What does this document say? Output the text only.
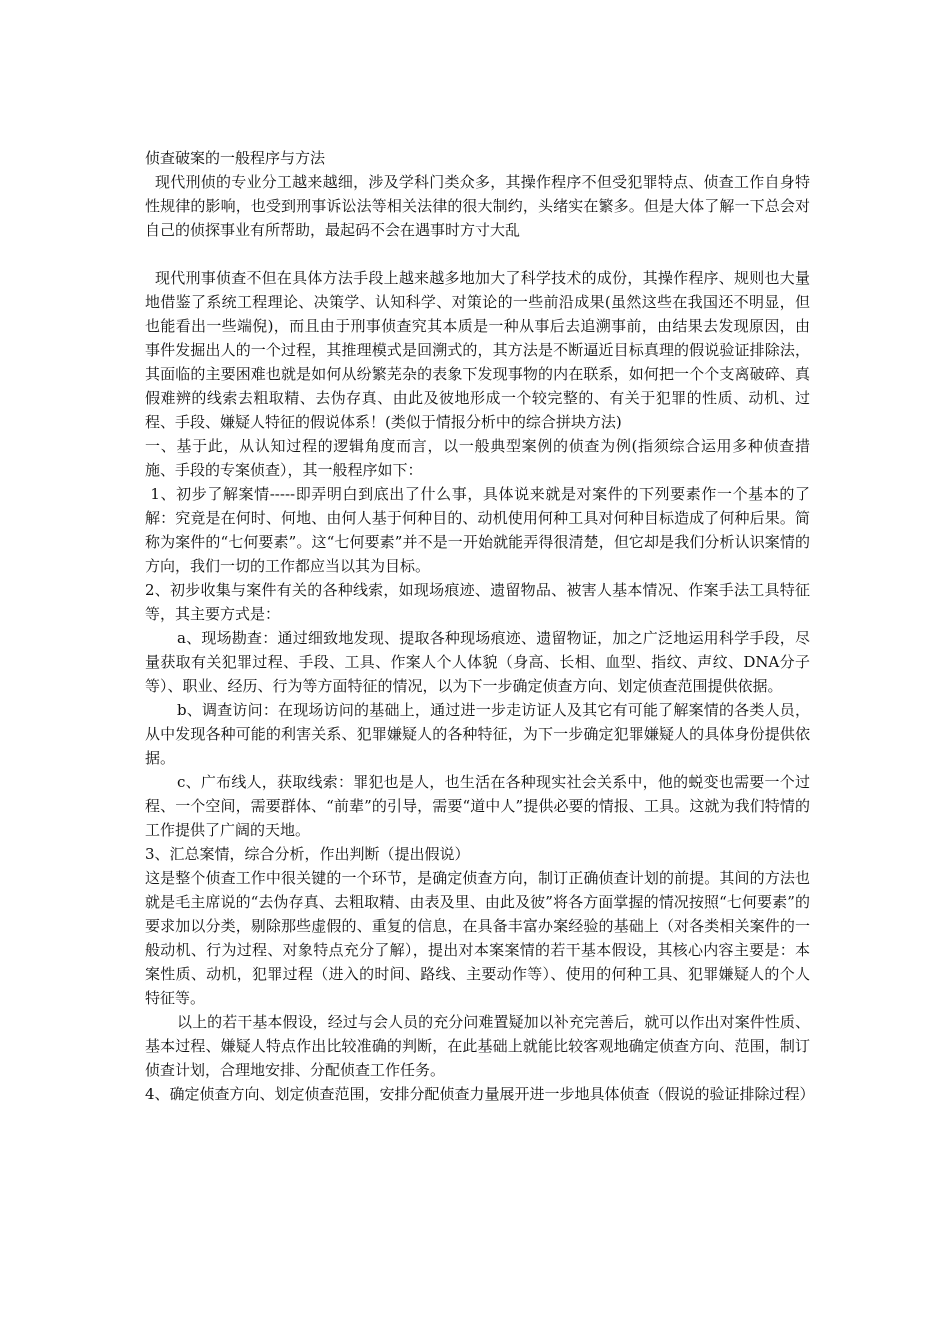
侦查破案的一般程序与方法

现代刑侦的专业分工越来越细，涉及学科门类众多，其操作程序不但受犯罪特点、侦查工作自身特性规律的影响，也受到刑事诉讼法等相关法律的很大制约，头绪实在繁多。但是大体了解一下总会对自己的侦探事业有所帮助，最起码不会在遇事时方寸大乱

现代刑事侦查不但在具体方法手段上越来越多地加大了科学技术的成份，其操作程序、规则也大量地借鉴了系统工程理论、决策学、认知科学、对策论的一些前沿成果(虽然这些在我国还不明显，但也能看出一些端倪)，而且由于刑事侦查究其本质是一种从事后去追溯事前，由结果去发现原因，由事件发掘出人的一个过程，其推理模式是回溯式的，其方法是不断逼近目标真理的假说验证排除法，其面临的主要困难也就是如何从纷繁芜杂的表象下发现事物的内在联系，如何把一个个支离破碎、真假难辨的线索去粗取精、去伪存真、由此及彼地形成一个较完整的、有关于犯罪的性质、动机、过程、手段、嫌疑人特征的假说体系！(类似于情报分析中的综合拼块方法)

一、基于此，从认知过程的逻辑角度而言，以一般典型案例的侦查为例(指须综合运用多种侦查措施、手段的专案侦查），其一般程序如下：

1、初步了解案情-----即弄明白到底出了什么事，具体说来就是对案件的下列要素作一个基本的了解：究竟是在何时、何地、由何人基于何种目的、动机使用何种工具对何种目标造成了何种后果。简称为案件的“七何要素”。这“七何要素”并不是一开始就能弄得很清楚，但它却是我们分析认识案情的方向，我们一切的工作都应当以其为目标。

2、初步收集与案件有关的各种线索，如现场痕迹、遗留物品、被害人基本情况、作案手法工具特征等，其主要方式是：

a、现场勘查：通过细致地发现、提取各种现场痕迹、遗留物证，加之广泛地运用科学手段，尽量获取有关犯罪过程、手段、工具、作案人个人体貌（身高、长相、血型、指纹、声纹、DNA分子等）、职业、经历、行为等方面特征的情况，以为下一步确定侦查方向、划定侦查范围提供依据。

b、调查访问：在现场访问的基础上，通过进一步走访证人及其它有可能了解案情的各类人员，从中发现各种可能的利害关系、犯罪嫌疑人的各种特征，为下一步确定犯罪嫌疑人的具体身份提供依据。

c、广布线人，获取线索：罪犯也是人，也生活在各种现实社会关系中，他的蜕变也需要一个过程、一个空间，需要群体、“前辈”的引导，需要“道中人”提供必要的情报、工具。这就为我们特情的工作提供了广阔的天地。

3、汇总案情，综合分析，作出判断（提出假说）

这是整个侦查工作中很关键的一个环节，是确定侦查方向，制订正确侦查计划的前提。其间的方法也就是毛主席说的“去伪存真、去粗取精、由表及里、由此及彼”将各方面掌握的情况按照“七何要素”的要求加以分类，剔除那些虚假的、重复的信息，在具备丰富办案经验的基础上（对各类相关案件的一般动机、行为过程、对象特点充分了解），提出对本案案情的若干基本假设，其核心内容主要是：本案性质、动机，犯罪过程（进入的时间、路线、主要动作等）、使用的何种工具、犯罪嫌疑人的个人特征等。

以上的若干基本假设，经过与会人员的充分问难置疑加以补充完善后，就可以作出对案件性质、基本过程、嫌疑人特点作出比较准确的判断，在此基础上就能比较客观地确定侦查方向、范围，制订侦查计划，合理地安排、分配侦查工作任务。

4、确定侦查方向、划定侦查范围，安排分配侦查力量展开进一步地具体侦查（假说的验证排除过程）
